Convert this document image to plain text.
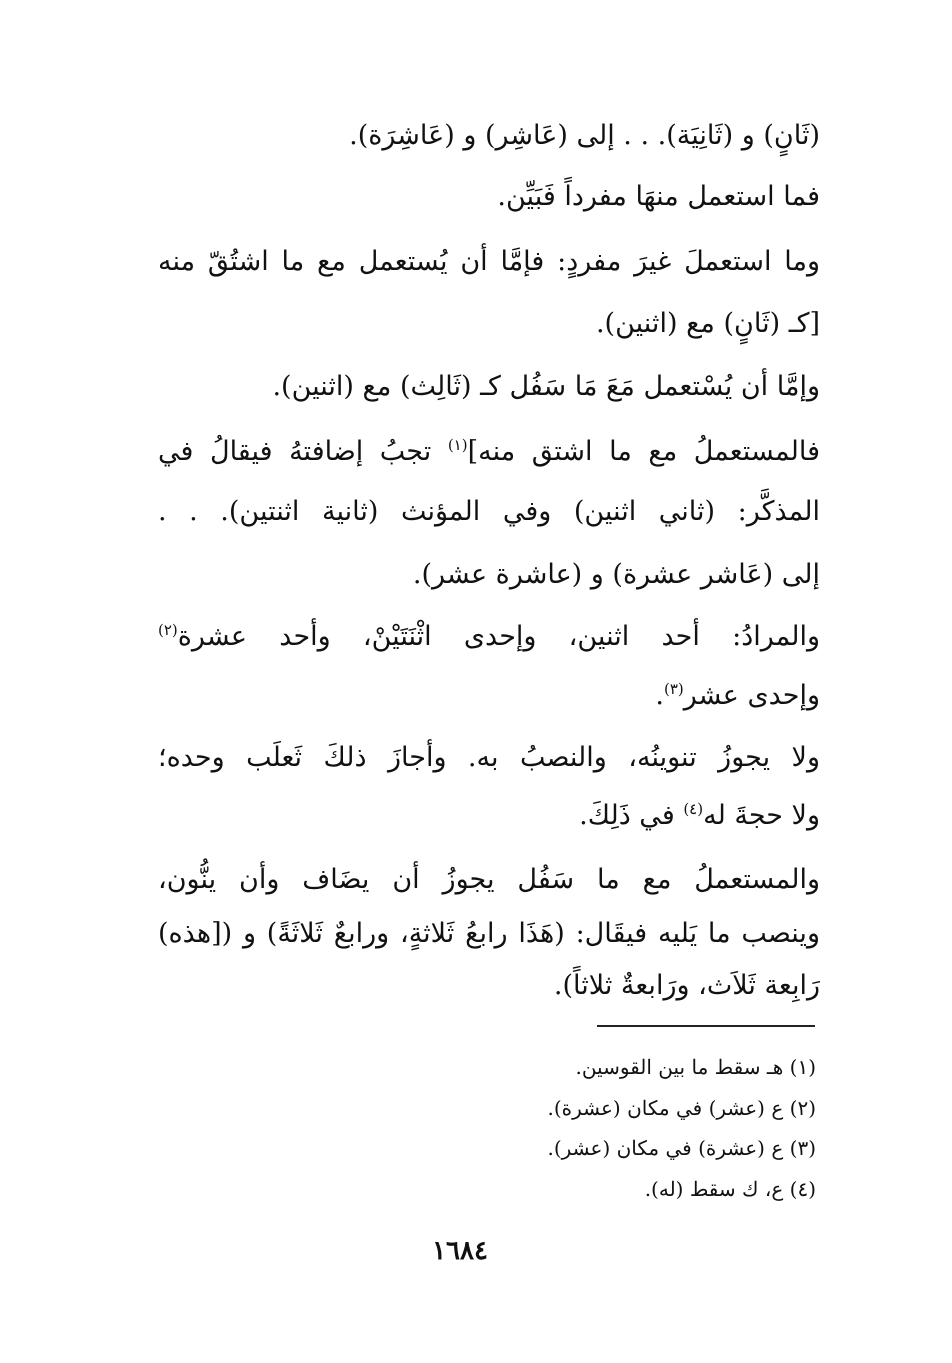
(ثَانٍ) و (ثَانِيَة). . . إلى (عَاشِر) و (عَاشِرَة).
فما استعمل منهَا مفرداً فَبَيِّن.
وما استعملَ غيرَ مفردٍ: فإمَّا أن يُستعمل مع ما اشتُقّ منه
[كـ (ثَانٍ) مع (اثنين).
وإمَّا أن يُسْتعمل مَعَ مَا سَفُل كـ (ثَالِث) مع (اثنين).
فالمستعملُ مع ما اشتق منه]$^{(١)}$ تجبُ إضافتهُ فيقالُ في
المذكَّر: (ثاني اثنين) وفي المؤنث (ثانية اثنتين). . .
إلى (عَاشر عشرة) و (عاشرة عشر).
والمرادُ: أحد اثنين، وإحدى اثْنَتَيْنْ، وأحد عشرة$^{(٢)}$
وإحدى عشر$^{(٣)}$.
ولا يجوزُ تنوينُه، والنصبُ به. وأجازَ ذلكَ ثَعلَب وحده؛
ولا حجةَ له$^{(٤)}$ في ذَلِكَ.
والمستعملُ مع ما سَفُل يجوزُ أن يضَاف وأن ينُّون،
وينصب ما يَليه فيقَال: (هَذَا رابعُ ثَلاثةٍ، ورابعٌ ثَلاثَةً) و ([هذه)
رَابِعة ثَلاَث، ورَابعةٌ ثلاثاً).
(١) هـ سقط ما بين القوسين.
(٢) ع (عشر) في مكان (عشرة).
(٣) ع (عشرة) في مكان (عشر).
(٤) ع، ك سقط (له).
١٦٨٤
